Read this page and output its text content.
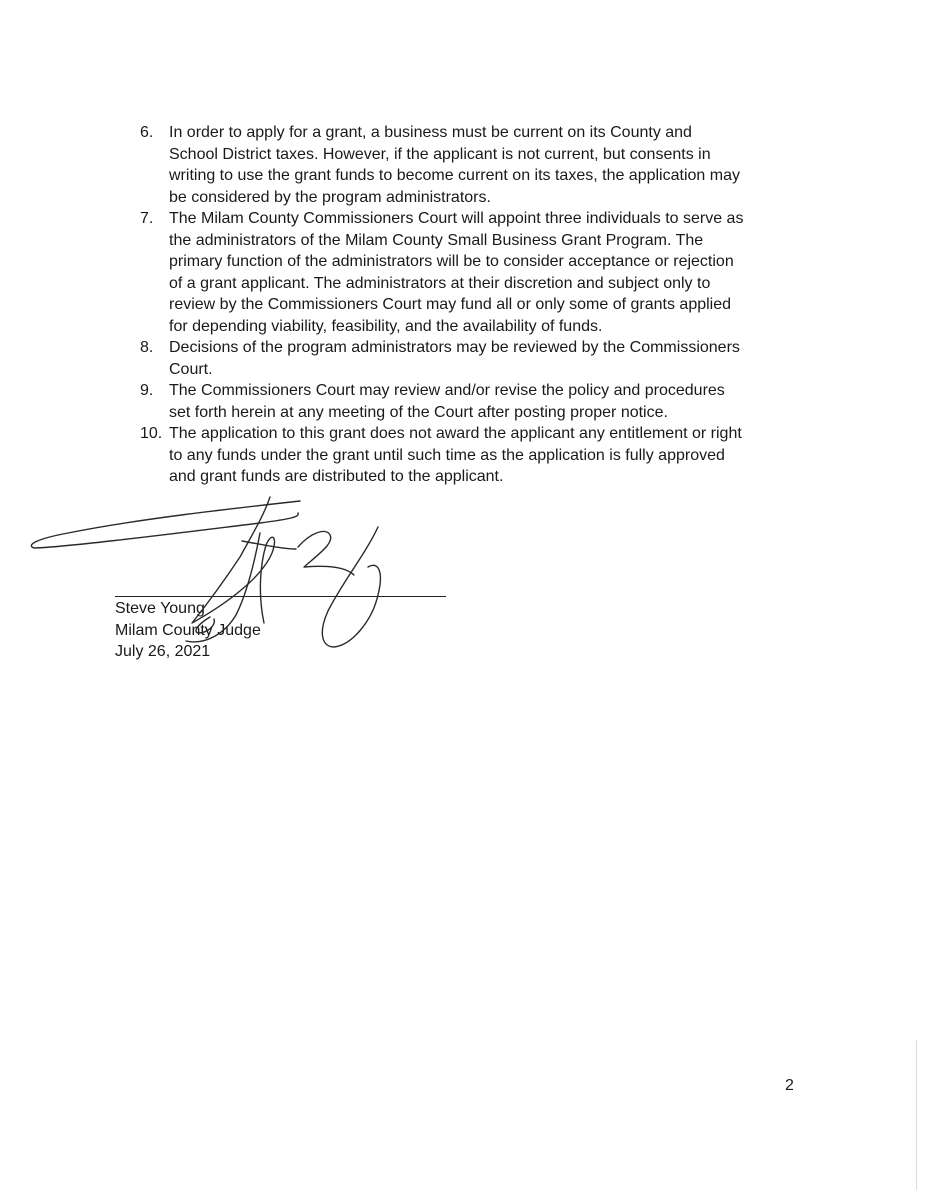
6. In order to apply for a grant, a business must be current on its County and
School District taxes. However, if the applicant is not current, but consents in
writing to use the grant funds to become current on its taxes, the application may
be considered by the program administrators.
7. The Milam County Commissioners Court will appoint three individuals to serve as
the administrators of the Milam County Small Business Grant Program. The
primary function of the administrators will be to consider acceptance or rejection
of a grant applicant. The administrators at their discretion and subject only to
review by the Commissioners Court may fund all or only some of grants applied
for depending viability, feasibility, and the availability of funds.
8. Decisions of the program administrators may be reviewed by the Commissioners
Court.
9. The Commissioners Court may review and/or revise the policy and procedures
set forth herein at any meeting of the Court after posting proper notice.
10. The application to this grant does not award the applicant any entitlement or right
to any funds under the grant until such time as the application is fully approved
and grant funds are distributed to the applicant.
Steve Young
Milam County Judge
July 26, 2021
2
